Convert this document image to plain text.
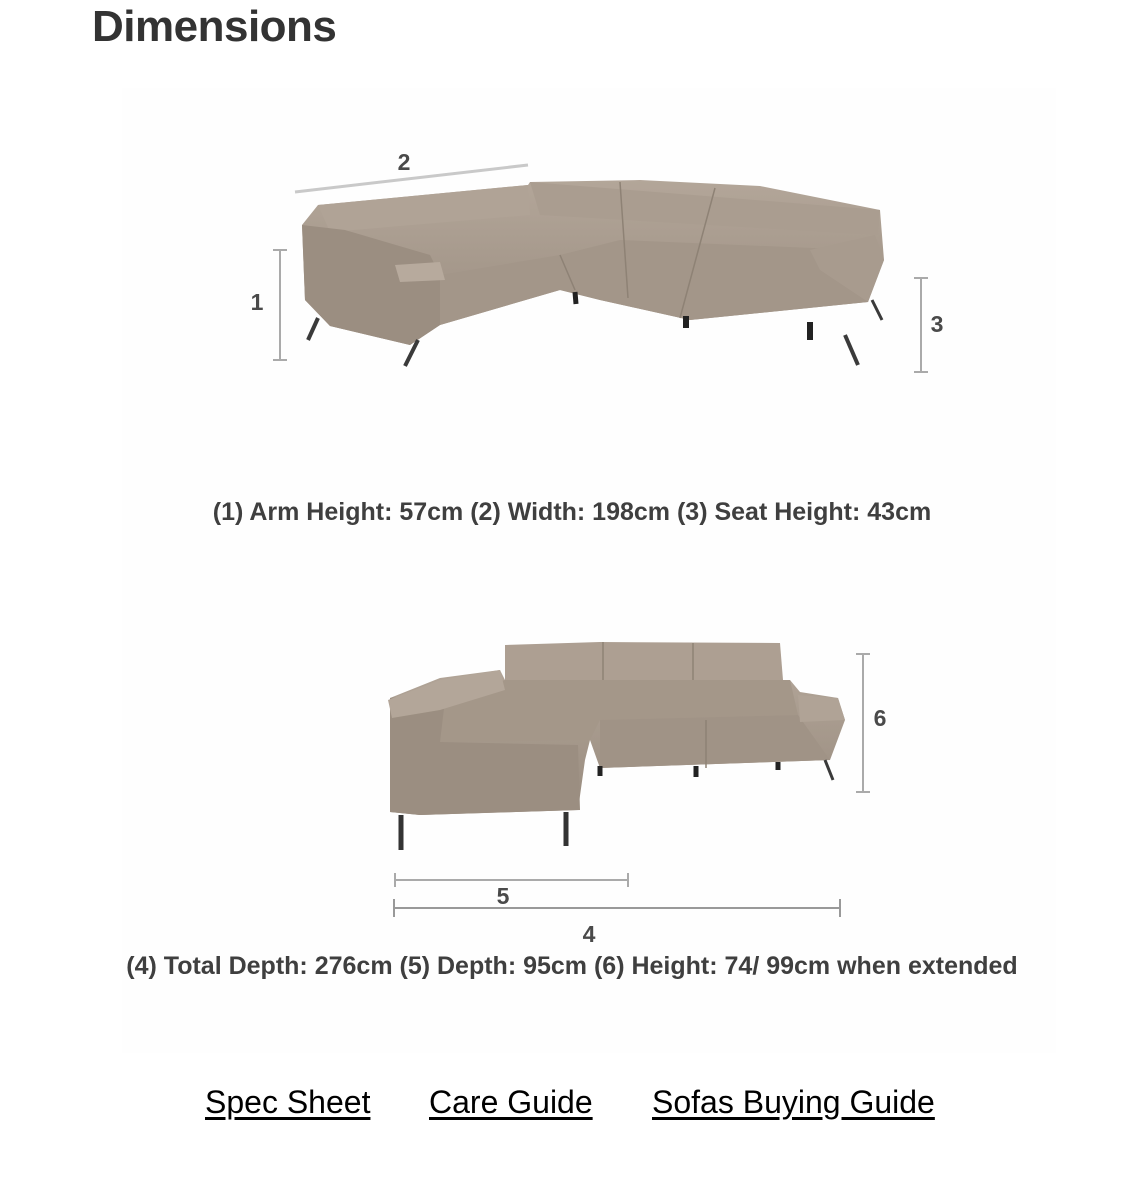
Dimensions
2
1
3
(1) Arm Height: 57cm (2) Width: 198cm (3) Seat Height: 43cm
6
5
4
(4) Total Depth: 276cm (5) Depth: 95cm (6) Height: 74/ 99cm when extended
Spec Sheet Care Guide Sofas Buying Guide
